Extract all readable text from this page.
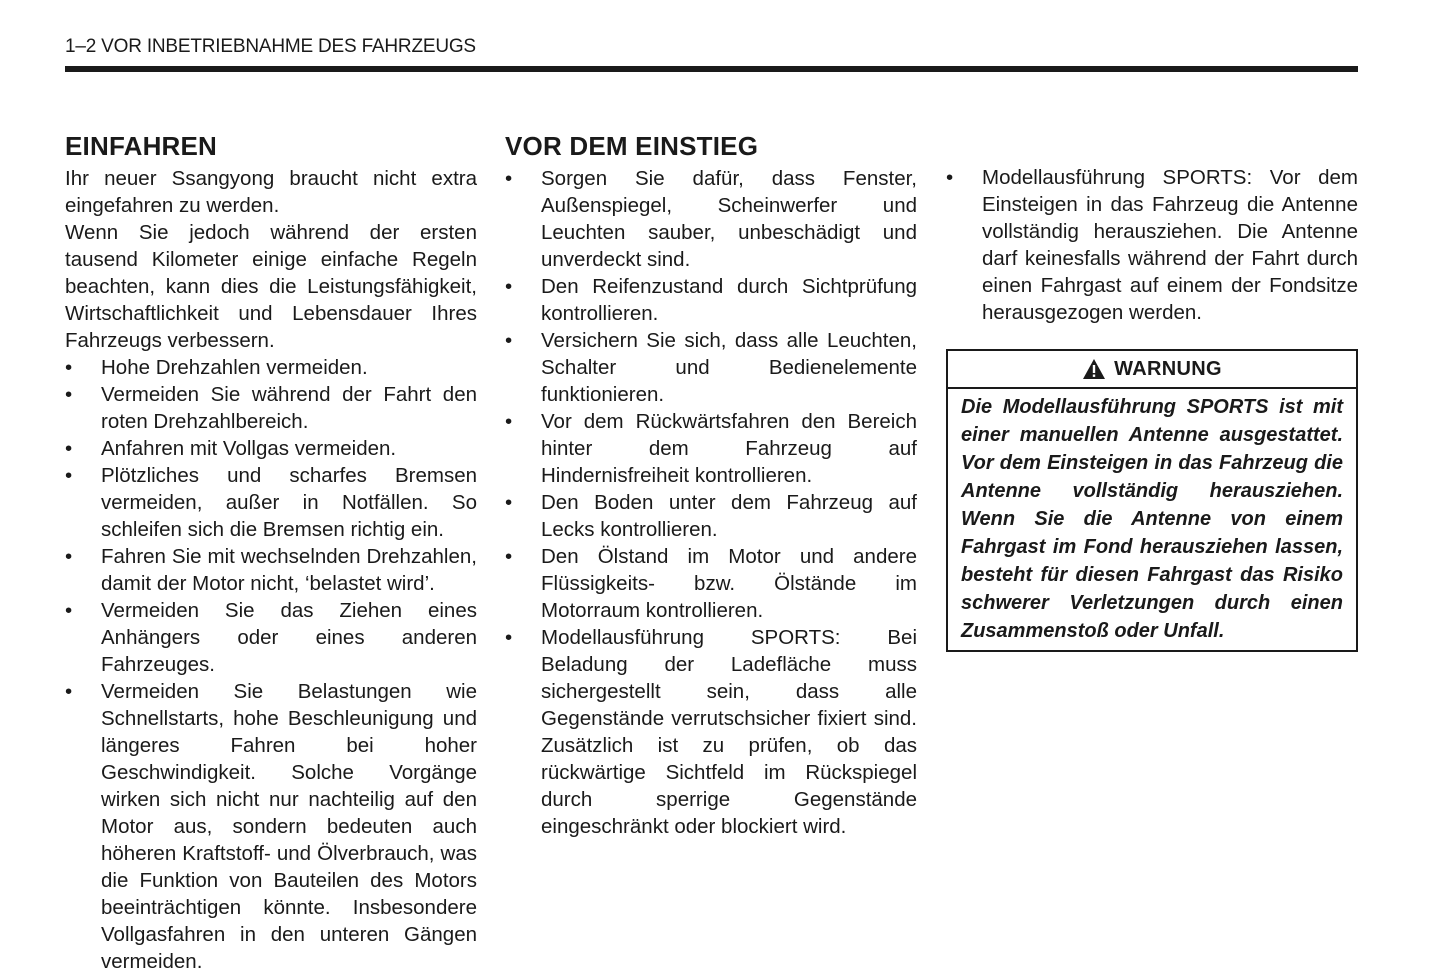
1–2 VOR INBETRIEBNAHME DES FAHRZEUGS
EINFAHREN

Ihr neuer Ssangyong braucht nicht extra eingefahren zu werden.

Wenn Sie jedoch während der ersten tausend Kilometer einige einfache Regeln beachten, kann dies die Leistungsfähigkeit, Wirtschaftlichkeit und Lebensdauer Ihres Fahrzeugs verbessern.

•	Hohe Drehzahlen vermeiden.
•	Vermeiden Sie während der Fahrt den roten Drehzahlbereich.
•	Anfahren mit Vollgas vermeiden.
•	Plötzliches und scharfes Bremsen vermeiden, außer in Notfällen. So schleifen sich die Bremsen richtig ein.
•	Fahren Sie mit wechselnden Drehzahlen, damit der Motor nicht, ‘belastet wird’.
•	Vermeiden Sie das Ziehen eines Anhängers oder eines anderen Fahrzeuges.
•	Vermeiden Sie Belastungen wie Schnellstarts, hohe Beschleunigung und längeres Fahren bei hoher Geschwindigkeit. Solche Vorgänge wirken sich nicht nur nachteilig auf den Motor aus, sondern bedeuten auch höheren Kraftstoff- und Ölverbrauch, was die Funktion von Bauteilen des Motors beeinträchtigen könnte. Insbesondere Vollgasfahren in den unteren Gängen vermeiden.
VOR DEM EINSTIEG
•	Sorgen Sie dafür, dass Fenster, Außenspiegel, Scheinwerfer und Leuchten sauber, unbeschädigt und unverdeckt sind.
•	Den Reifenzustand durch Sichtprüfung kontrollieren.
•	Versichern Sie sich, dass alle Leuchten, Schalter und Bedienelemente funktionieren.
•	Vor dem Rückwärtsfahren den Bereich hinter dem Fahrzeug auf Hindernisfreiheit kontrollieren.
•	Den Boden unter dem Fahrzeug auf Lecks kontrollieren.
•	Den Ölstand im Motor und andere Flüssigkeits- bzw. Ölstände im Motorraum kontrollieren.
•	Modellausführung SPORTS: Bei Beladung der Ladefläche muss sichergestellt sein, dass alle Gegenstände verrutschsicher fixiert sind. Zusätzlich ist zu prüfen, ob das rückwärtige Sichtfeld im Rückspiegel durch sperrige Gegenstände eingeschränkt oder blockiert wird.
•	Modellausführung SPORTS: Vor dem Einsteigen in das Fahrzeug die Antenne vollständig herausziehen. Die Antenne darf keinesfalls während der Fahrt durch einen Fahrgast auf einem der Fondsitze herausgezogen werden.
WARNUNG
Die Modellausführung SPORTS ist mit einer manuellen Antenne ausgestattet. Vor dem Einsteigen in das Fahrzeug die Antenne vollständig herausziehen. Wenn Sie die Antenne von einem Fahrgast im Fond herausziehen lassen, besteht für diesen Fahrgast das Risiko schwerer Verletzungen durch einen Zusammenstoß oder Unfall.
